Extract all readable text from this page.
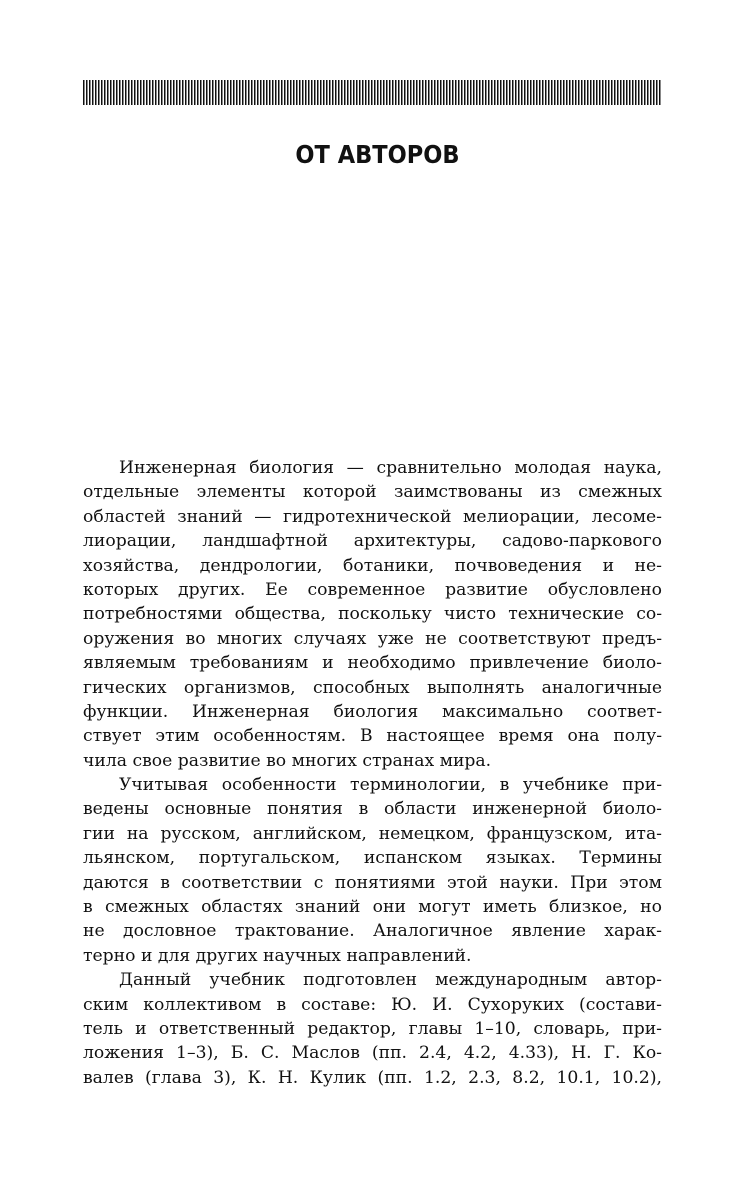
ОТ АВТОРОВ
Инженерная биология — сравнительно молодая наука,
отдельные элементы которой заимствованы из смежных
областей знаний — гидротехнической мелиорации, лесоме-
лиорации, ландшафтной архитектуры, садово-паркового
хозяйства, дендрологии, ботаники, почвоведения и не-
которых других. Ее современное развитие обусловлено
потребностями общества, поскольку чисто технические со-
оружения во многих случаях уже не соответствуют предъ-
являемым требованиям и необходимо привлечение биоло-
гических организмов, способных выполнять аналогичные
функции. Инженерная биология максимально соответ-
ствует этим особенностям. В настоящее время она полу-
чила свое развитие во многих странах мира.
Учитывая особенности терминологии, в учебнике при-
ведены основные понятия в области инженерной биоло-
гии на русском, английском, немецком, французском, ита-
льянском, португальском, испанском языках. Термины
даются в соответствии с понятиями этой науки. При этом
в смежных областях знаний они могут иметь близкое, но
не дословное трактование. Аналогичное явление харак-
терно и для других научных направлений.
Данный учебник подготовлен международным автор-
ским коллективом в составе: Ю. И. Сухоруких (состави-
тель и ответственный редактор, главы 1–10, словарь, при-
ложения 1–3), Б. С. Маслов (пп. 2.4, 4.2, 4.33), Н. Г. Ко-
валев (глава 3), К. Н. Кулик (пп. 1.2, 2.3, 8.2, 10.1, 10.2),
